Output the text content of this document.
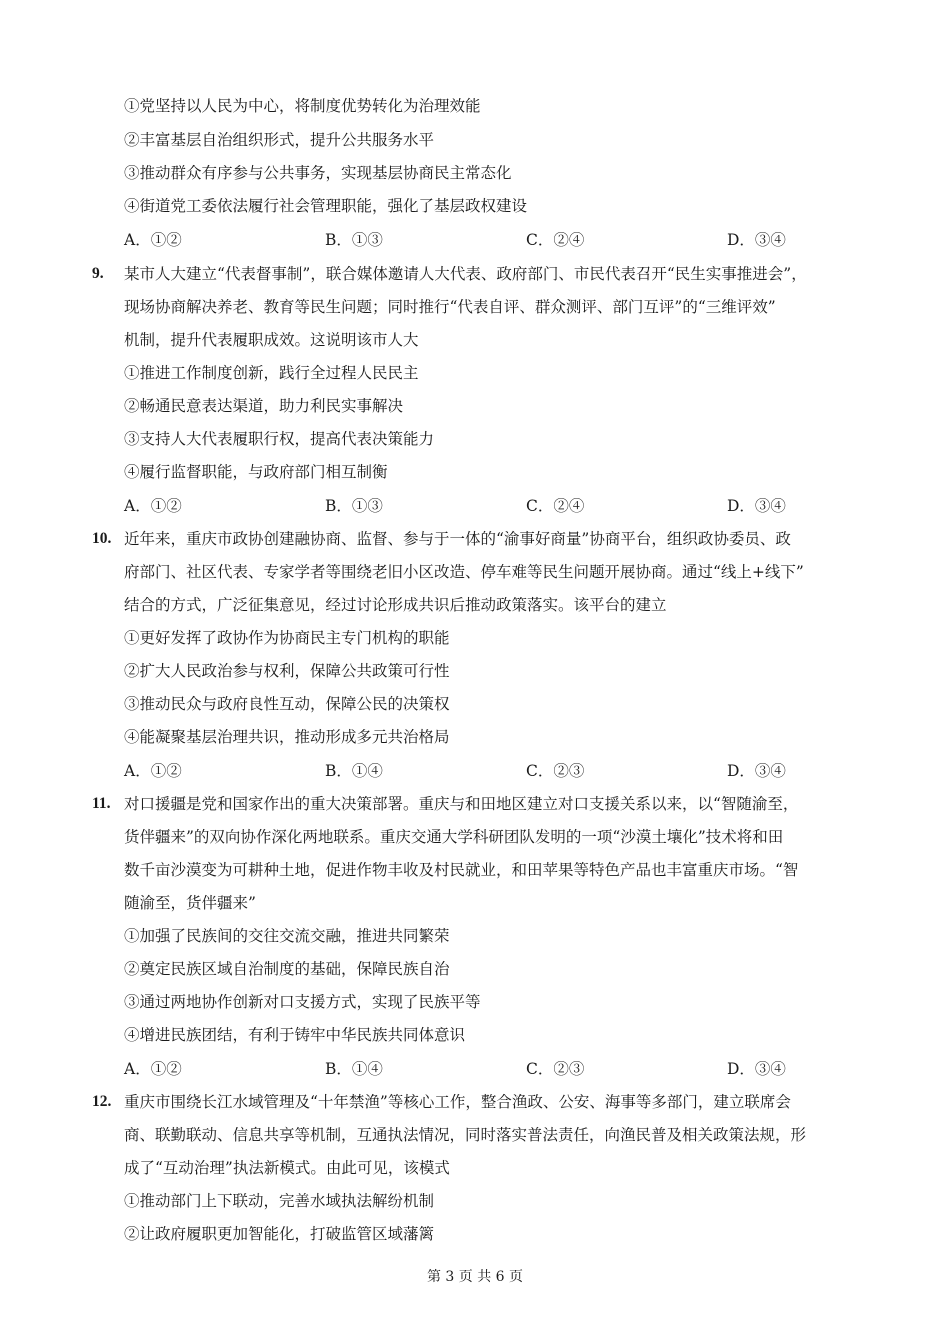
①党坚持以人民为中心，将制度优势转化为治理效能
②丰富基层自治组织形式，提升公共服务水平
③推动群众有序参与公共事务，实现基层协商民主常态化
④街道党工委依法履行社会管理职能，强化了基层政权建设
A．①②	B．①③	C．②④	D．③④
9. 某市人大建立“代表督事制”，联合媒体邀请人大代表、政府部门、市民代表召开“民生实事推进会”，
现场协商解决养老、教育等民生问题；同时推行“代表自评、群众测评、部门互评”的“三维评效”
机制，提升代表履职成效。这说明该市人大
①推进工作制度创新，践行全过程人民民主
②畅通民意表达渠道，助力利民实事解决
③支持人大代表履职行权，提高代表决策能力
④履行监督职能，与政府部门相互制衡
A．①②	B．①③	C．②④	D．③④
10. 近年来，重庆市政协创建融协商、监督、参与于一体的“渝事好商量”协商平台，组织政协委员、政
府部门、社区代表、专家学者等围绕老旧小区改造、停车难等民生问题开展协商。通过“线上+线下”
结合的方式，广泛征集意见，经过讨论形成共识后推动政策落实。该平台的建立
①更好发挥了政协作为协商民主专门机构的职能
②扩大人民政治参与权利，保障公共政策可行性
③推动民众与政府良性互动，保障公民的决策权
④能凝聚基层治理共识，推动形成多元共治格局
A．①②	B．①④	C．②③	D．③④
11. 对口援疆是党和国家作出的重大决策部署。重庆与和田地区建立对口支援关系以来，以“智随渝至，
货伴疆来”的双向协作深化两地联系。重庆交通大学科研团队发明的一项“沙漠土壤化”技术将和田
数千亩沙漠变为可耕种土地，促进作物丰收及村民就业，和田苹果等特色产品也丰富重庆市场。“智
随渝至，货伴疆来”
①加强了民族间的交往交流交融，推进共同繁荣
②奠定民族区域自治制度的基础，保障民族自治
③通过两地协作创新对口支援方式，实现了民族平等
④增进民族团结，有利于铸牢中华民族共同体意识
A．①②	B．①④	C．②③	D．③④
12. 重庆市围绕长江水域管理及“十年禁渔”等核心工作，整合渔政、公安、海事等多部门，建立联席会
商、联勤联动、信息共享等机制，互通执法情况，同时落实普法责任，向渔民普及相关政策法规，形
成了“互动治理”执法新模式。由此可见，该模式
①推动部门上下联动，完善水域执法解纷机制
②让政府履职更加智能化，打破监管区域藩篱
第 3 页 共 6 页
